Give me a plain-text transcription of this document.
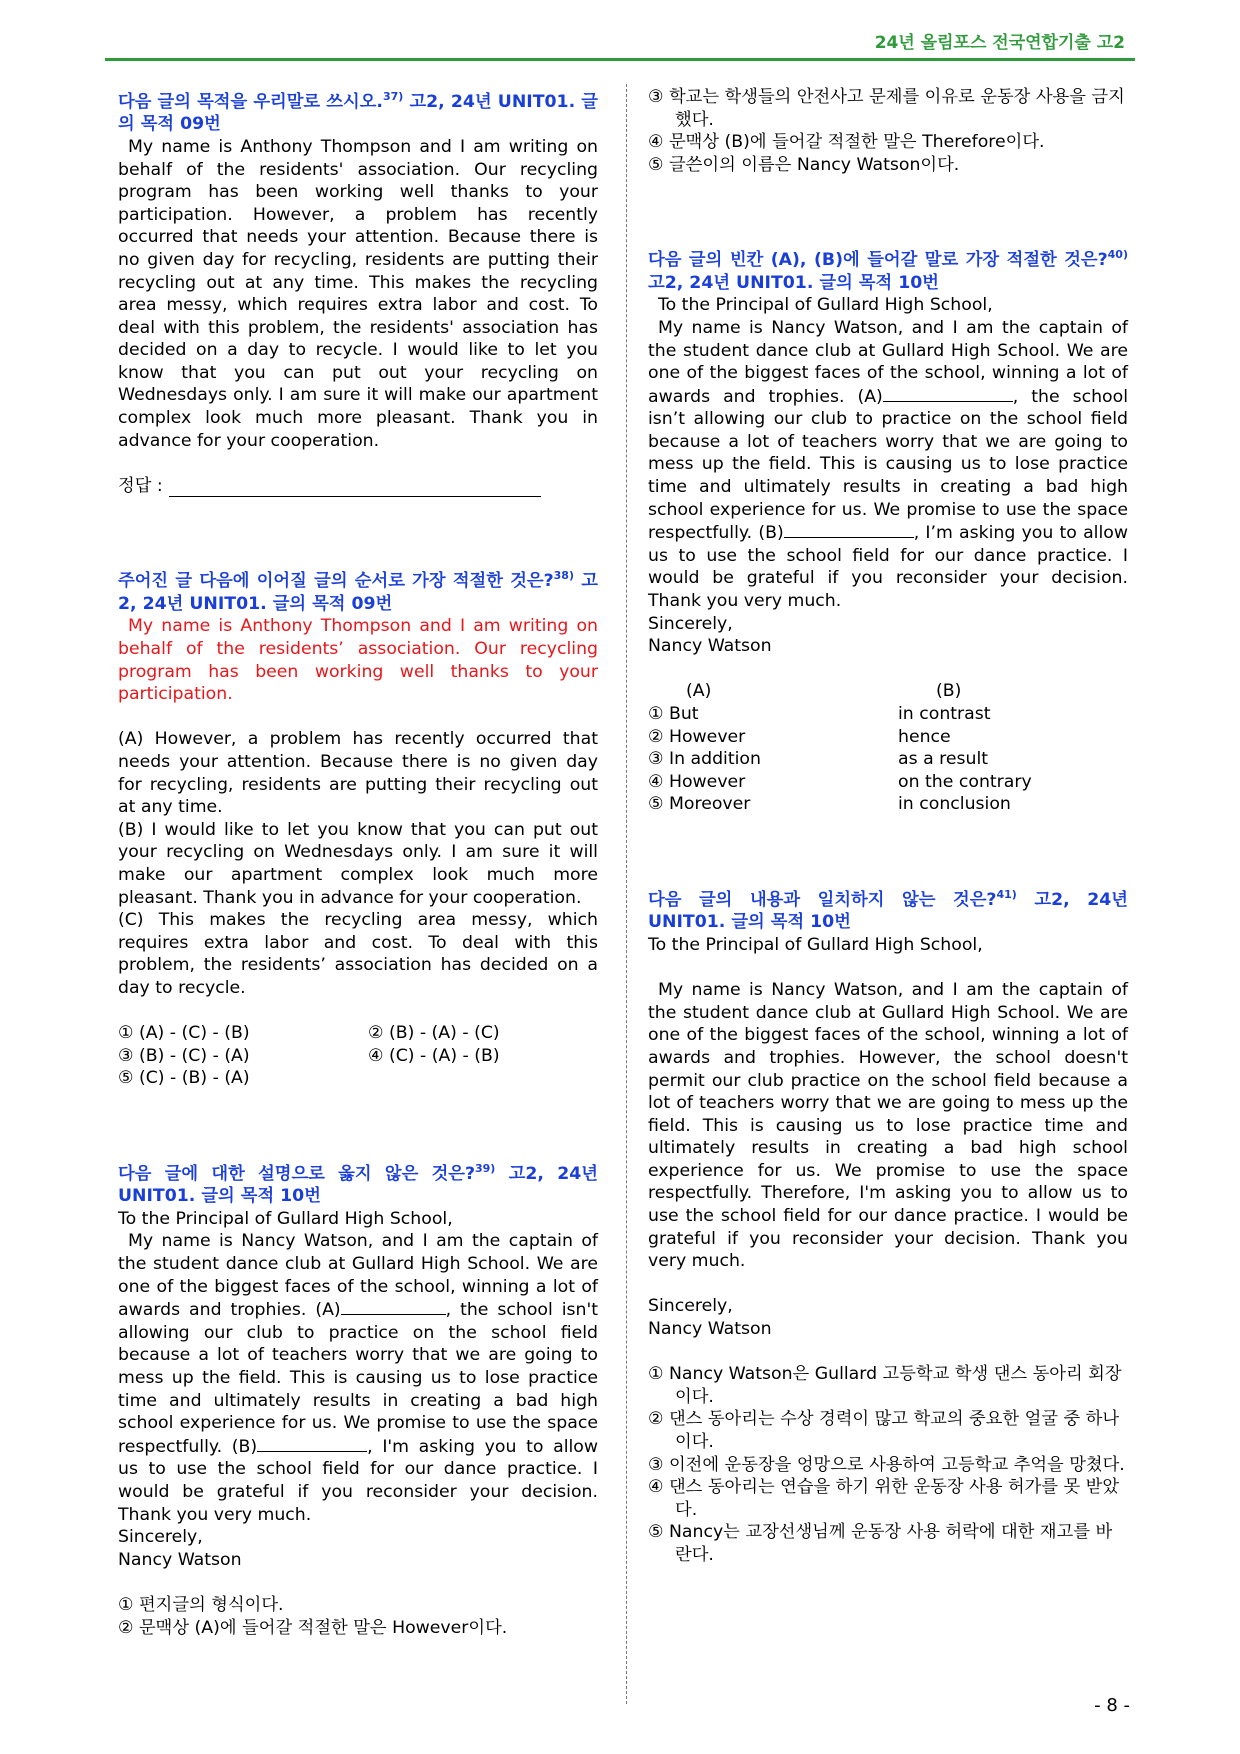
24년 올림포스 전국연합기출 고2
다음 글의 목적을 우리말로 쓰시오.$^{37)}$ 고2, 24년 UNIT01. 글의 목적 09번
My name is Anthony Thompson and I am writing on behalf of the residents' association. Our recycling program has been working well thanks to your participation. However, a problem has recently occurred that needs your attention. Because there is no given day for recycling, residents are putting their recycling out at any time. This makes the recycling area messy, which requires extra labor and cost. To deal with this problem, the residents' association has decided on a day to recycle. I would like to let you know that you can put out your recycling on Wednesdays only. I am sure it will make our apartment complex look much more pleasant. Thank you in advance for your cooperation.
정답 :
주어진 글 다음에 이어질 글의 순서로 가장 적절한 것은?$^{38)}$ 고2, 24년 UNIT01. 글의 목적 09번
My name is Anthony Thompson and I am writing on behalf of the residents’ association. Our recycling program has been working well thanks to your participation.
(A) However, a problem has recently occurred that needs your attention. Because there is no given day for recycling, residents are putting their recycling out at any time.
(B) I would like to let you know that you can put out your recycling on Wednesdays only. I am sure it will make our apartment complex look much more pleasant. Thank you in advance for your cooperation.
(C) This makes the recycling area messy, which requires extra labor and cost. To deal with this problem, the residents’ association has decided on a day to recycle.
① (A) - (C) - (B)	② (B) - (A) - (C)
③ (B) - (C) - (A)	④ (C) - (A) - (B)
⑤ (C) - (B) - (A)
다음 글에 대한 설명으로 옳지 않은 것은?$^{39)}$ 고2, 24년 UNIT01. 글의 목적 10번
To the Principal of Gullard High School,
My name is Nancy Watson, and I am the captain of the student dance club at Gullard High School. We are one of the biggest faces of the school, winning a lot of awards and trophies. (A)	, the school isn't allowing our club to practice on the school field because a lot of teachers worry that we are going to mess up the field. This is causing us to lose practice time and ultimately results in creating a bad high school experience for us. We promise to use the space respectfully. (B)	, I'm asking you to allow us to use the school field for our dance practice. I would be grateful if you reconsider your decision. Thank you very much.
Sincerely,
Nancy Watson
① 편지글의 형식이다.
② 문맥상 (A)에 들어갈 적절한 말은 However이다.
③ 학교는 학생들의 안전사고 문제를 이유로 운동장 사용을 금지했다.
④ 문맥상 (B)에 들어갈 적절한 말은 Therefore이다.
⑤ 글쓴이의 이름은 Nancy Watson이다.
다음 글의 빈칸 (A), (B)에 들어갈 말로 가장 적절한 것은?$^{40)}$ 고2, 24년 UNIT01. 글의 목적 10번
To the Principal of Gullard High School,
My name is Nancy Watson, and I am the captain of the student dance club at Gullard High School. We are one of the biggest faces of the school, winning a lot of awards and trophies. (A)	, the school isn’t allowing our club to practice on the school field because a lot of teachers worry that we are going to mess up the field. This is causing us to lose practice time and ultimately results in creating a bad high school experience for us. We promise to use the space respectfully. (B)	, I’m asking you to allow us to use the school field for our dance practice. I would be grateful if you reconsider your decision. Thank you very much.
Sincerely,
Nancy Watson
(A)	(B)
① But	in contrast
② However	hence
③ In addition	as a result
④ However	on the contrary
⑤ Moreover	in conclusion
다음 글의 내용과 일치하지 않는 것은?$^{41)}$ 고2, 24년 UNIT01. 글의 목적 10번
To the Principal of Gullard High School,
My name is Nancy Watson, and I am the captain of the student dance club at Gullard High School. We are one of the biggest faces of the school, winning a lot of awards and trophies. However, the school doesn't permit our club practice on the school field because a lot of teachers worry that we are going to mess up the field. This is causing us to lose practice time and ultimately results in creating a bad high school experience for us. We promise to use the space respectfully. Therefore, I'm asking you to allow us to use the school field for our dance practice. I would be grateful if you reconsider your decision. Thank you very much.
Sincerely,
Nancy Watson
① Nancy Watson은 Gullard 고등학교 학생 댄스 동아리 회장이다.
② 댄스 동아리는 수상 경력이 많고 학교의 중요한 얼굴 중 하나이다.
③ 이전에 운동장을 엉망으로 사용하여 고등학교 추억을 망쳤다.
④ 댄스 동아리는 연습을 하기 위한 운동장 사용 허가를 못 받았다.
⑤ Nancy는 교장선생님께 운동장 사용 허락에 대한 재고를 바란다.
- 8 -
